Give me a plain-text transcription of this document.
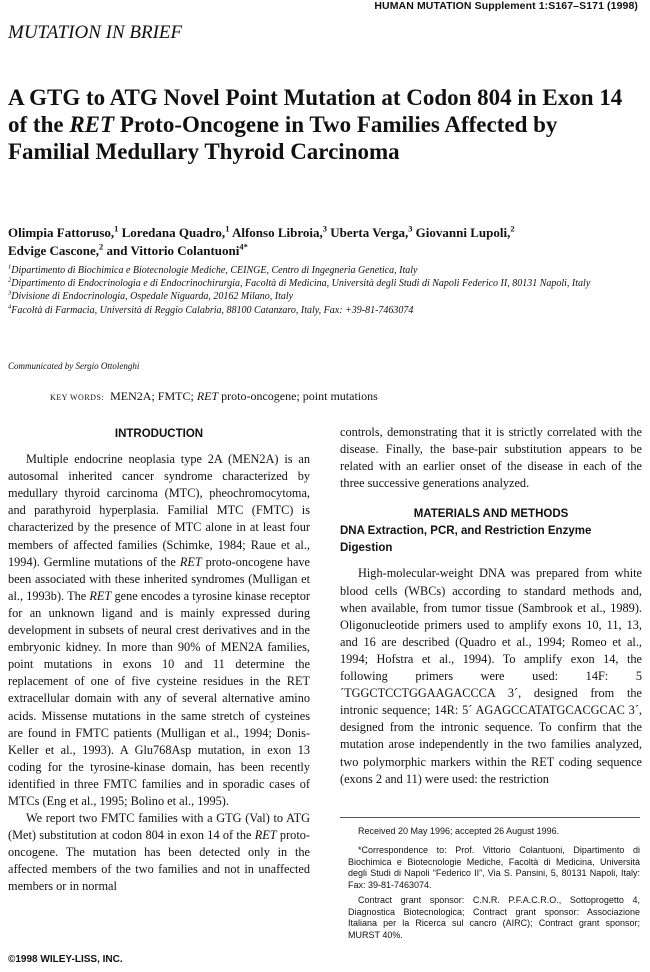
HUMAN MUTATION Supplement 1:S167–S171 (1998)
MUTATION IN BRIEF
A GTG to ATG Novel Point Mutation at Codon 804 in Exon 14 of the RET Proto-Oncogene in Two Families Affected by Familial Medullary Thyroid Carcinoma
Olimpia Fattoruso,$^1$ Loredana Quadro,$^1$ Alfonso Libroia,$^3$ Uberta Verga,$^3$ Giovanni Lupoli,$^2$
Edvige Cascone,$^2$ and Vittorio Colantuoni$^{4*}$
$^1$Dipartimento di Biochimica e Biotecnologie Mediche, CEINGE, Centro di Ingegneria Genetica, Italy
$^2$Dipartimento di Endocrinologia e di Endocrinochirurgia, Facoltà di Medicina, Università degli Studi di Napoli Federico II, 80131 Napoli, Italy
$^3$Divisione di Endocrinologia, Ospedale Niguarda, 20162 Milano, Italy
$^4$Facoltà di Farmacia, Università di Reggio Calabria, 88100 Catanzaro, Italy, Fax: +39-81-7463074
Communicated by Sergio Ottolenghi
KEY WORDS: MEN2A; FMTC; RET proto-oncogene; point mutations
INTRODUCTION

Multiple endocrine neoplasia type 2A (MEN2A) is an autosomal inherited cancer syndrome characterized by medullary thyroid carcinoma (MTC), pheochromocytoma, and parathyroid hyperplasia. Familial MTC (FMTC) is characterized by the presence of MTC alone in at least four members of affected families (Schimke, 1984; Raue et al., 1994). Germline mutations of the RET proto-oncogene have been associated with these inherited syndromes (Mulligan et al., 1993b). The RET gene encodes a tyrosine kinase receptor for an unknown ligand and is mainly expressed during development in subsets of neural crest derivatives and in the embryonic kidney. In more than 90% of MEN2A families, point mutations in exons 10 and 11 determine the replacement of one of five cysteine residues in the RET extracellular domain with any of several alternative amino acids. Missense mutations in the same stretch of cysteines are found in FMTC patients (Mulligan et al., 1994; Donis-Keller et al., 1993). A Glu768Asp mutation, in exon 13 coding for the tyrosine-kinase domain, has been recently identified in three FMTC families and in sporadic cases of MTCs (Eng et al., 1995; Bolino et al., 1995).

We report two FMTC families with a GTG (Val) to ATG (Met) substitution at codon 804 in exon 14 of the RET proto-oncogene. The mutation has been detected only in the affected members of the two families and not in unaffected members or in normal

controls, demonstrating that it is strictly correlated with the disease. Finally, the base-pair substitution appears to be related with an earlier onset of the disease in each of the three successive generations analyzed.

MATERIALS AND METHODS
DNA Extraction, PCR, and Restriction Enzyme Digestion

High-molecular-weight DNA was prepared from white blood cells (WBCs) according to standard methods and, when available, from tumor tissue (Sambrook et al., 1989). Oligonucleotide primers used to amplify exons 10, 11, 13, and 16 are described (Quadro et al., 1994; Romeo et al., 1994; Hofstra et al., 1994). To amplify exon 14, the following primers were used: 14F: 5´TGGCTCCTGGAAGACCCA 3´, designed from the intronic sequence; 14R: 5´ AGAGCCATATGCACGCAC 3´, designed from the intronic sequence. To confirm that the mutation arose independently in the two families analyzed, two polymorphic markers within the RET coding sequence (exons 2 and 11) were used: the restriction

Received 20 May 1996; accepted 26 August 1996.
*Correspondence to: Prof. Vittorio Colantuoni, Dipartimento di Biochimica e Biotecnologie Mediche, Facoltà di Medicina, Università degli Studi di Napoli “Federico II”, Via S. Pansini, 5, 80131 Napoli, Italy: Fax: 39-81-7463074.
Contract grant sponsor: C.N.R. P.F.A.C.R.O., Sottoprogetto 4, Diagnostica Biotecnologica; Contract grant sponsor: Associazione Italiana per la Ricerca sul cancro (AIRC); Contract grant sponsor; MURST 40%.
©1998 WILEY-LISS, INC.
